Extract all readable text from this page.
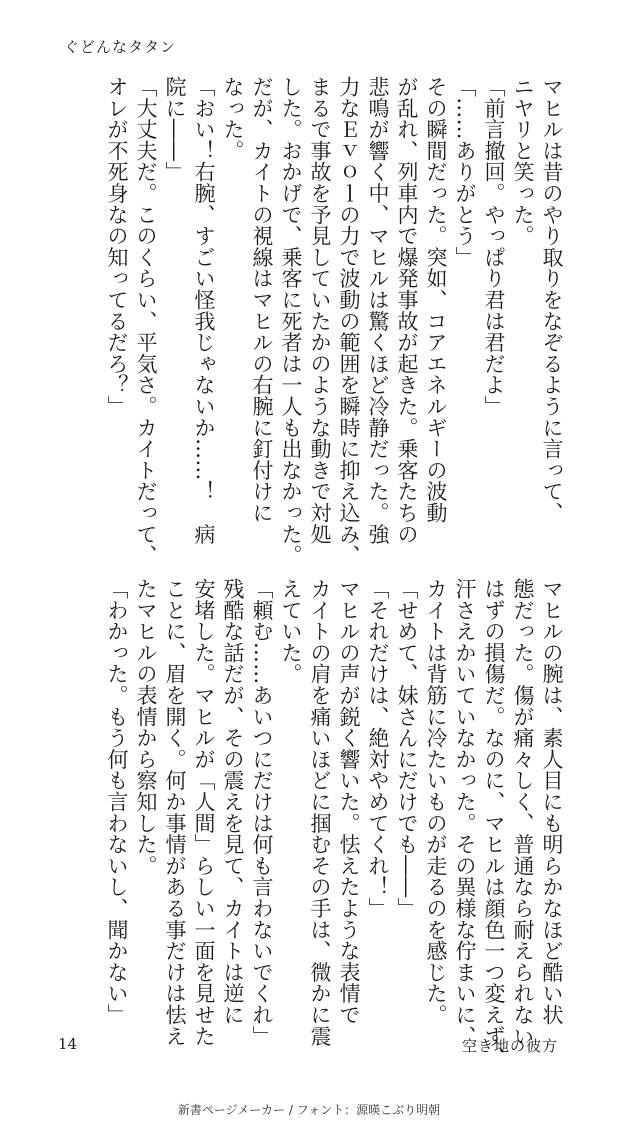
ぐどんなタタン

マヒルは昔のやり取りをなぞるように言って、

ニヤリと笑った。

「前言撤回。やっぱり君は君だよ」

「……ありがとう」

その瞬間だった。突如、コアエネルギーの波動

が乱れ、列車内で爆発事故が起きた。乗客たちの

悲鳴が響く中、マヒルは驚くほど冷静だった。強

力なＥｖｏｌの力で波動の範囲を瞬時に抑え込み、

まるで事故を予見していたかのような動きで対処

した。おかげで、乗客に死者は一人も出なかった。

だが、カイトの視線はマヒルの右腕に釘付けに

なった。

「おい！右腕、すごい怪我じゃないか……！　病

院に――」

「大丈夫だ。このくらい、平気さ。カイトだって、

オレが不死身なの知ってるだろ？」

マヒルの腕は、素人目にも明らかなほど酷い状

態だった。傷が痛々しく、普通なら耐えられない

はずの損傷だ。なのに、マヒルは顔色一つ変えず、

汗さえかいていなかった。その異様な佇まいに、

カイトは背筋に冷たいものが走るのを感じた。

「せめて、妹さんにだけでも――」

「それだけは、絶対やめてくれ！」

マヒルの声が鋭く響いた。怯えたような表情で

カイトの肩を痛いほどに掴むその手は、微かに震

えていた。

「頼む……あいつにだけは何も言わないでくれ」

残酷な話だが、その震えを見て、カイトは逆に

安堵した。マヒルが「人間」らしい一面を見せた

ことに、眉を開く。何か事情がある事だけは怯え

たマヒルの表情から察知した。

「わかった。もう何も言わないし、聞かない」

14	空き地の彼方
新書ページメーカー / フォント：源暎こぶり明朝
